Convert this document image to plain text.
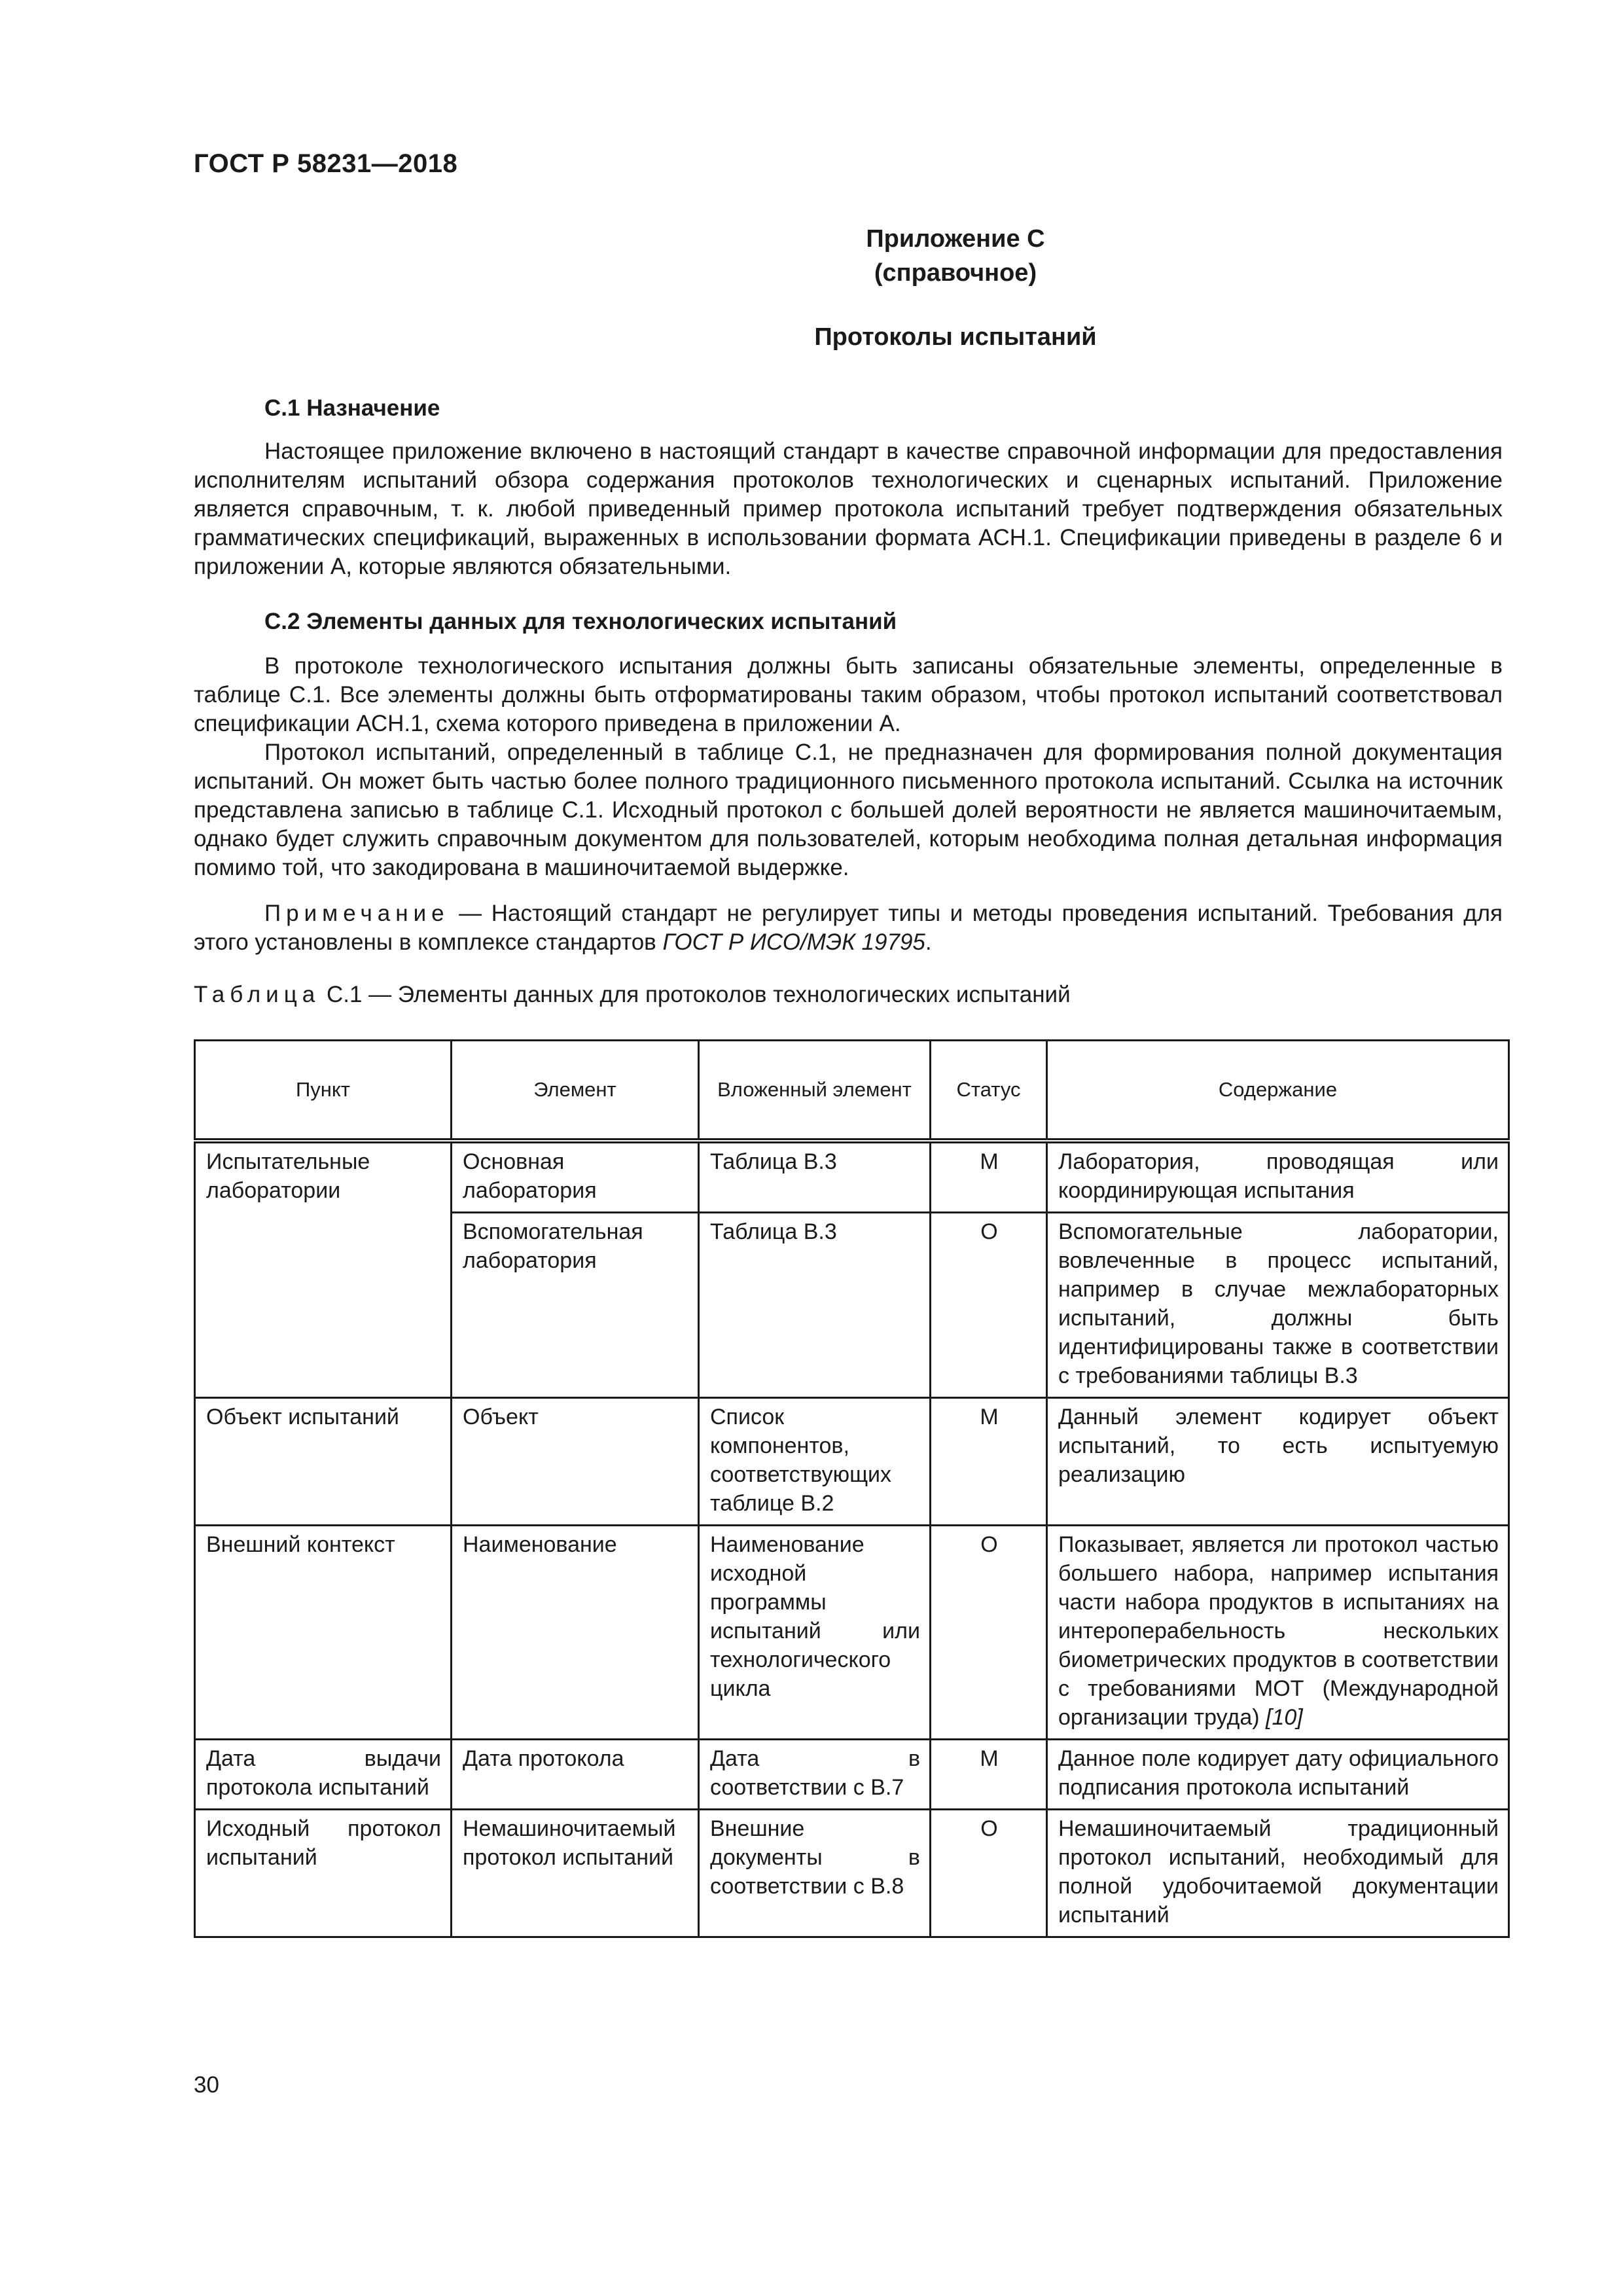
ГОСТ Р 58231—2018
Приложение С
(справочное)
Протоколы испытаний
С.1 Назначение
Настоящее приложение включено в настоящий стандарт в качестве справочной информации для предоставления исполнителям испытаний обзора содержания протоколов технологических и сценарных испытаний. Приложение является справочным, т. к. любой приведенный пример протокола испытаний требует подтверждения обязательных грамматических спецификаций, выраженных в использовании формата АСН.1. Спецификации приведены в разделе 6 и приложении А, которые являются обязательными.
С.2 Элементы данных для технологических испытаний
В протоколе технологического испытания должны быть записаны обязательные элементы, определенные в таблице С.1. Все элементы должны быть отформатированы таким образом, чтобы протокол испытаний соответствовал спецификации АСН.1, схема которого приведена в приложении А.
Протокол испытаний, определенный в таблице С.1, не предназначен для формирования полной документация испытаний. Он может быть частью более полного традиционного письменного протокола испытаний. Ссылка на источник представлена записью в таблице С.1. Исходный протокол с большей долей вероятности не является машиночитаемым, однако будет служить справочным документом для пользователей, которым необходима полная детальная информация помимо той, что закодирована в машиночитаемой выдержке.
Примечание — Настоящий стандарт не регулирует типы и методы проведения испытаний. Требования для этого установлены в комплексе стандартов ГОСТ Р ИСО/МЭК 19795.
Таблица С.1 — Элементы данных для протоколов технологических испытаний
Пункт	Элемент	Вложенный элемент	Статус	Содержание
Испытательные лаборатории	Основная лаборатория	Таблица В.3	М	Лаборатория, проводящая или координирующая испытания
	Вспомогательная лаборатория	Таблица В.3	О	Вспомогательные лаборатории, вовлеченные в процесс испытаний, например в случае межлабораторных испытаний, должны быть идентифицированы также в соответствии с требованиями таблицы В.3
Объект испытаний	Объект	Список компонентов, соответствующих таблице В.2	М	Данный элемент кодирует объект испытаний, то есть испытуемую реализацию
Внешний контекст	Наименование	Наименование исходной программы испытаний или технологического цикла	О	Показывает, является ли протокол частью большего набора, например испытания части набора продуктов в испытаниях на интероперабельность нескольких биометрических продуктов в соответствии с требованиями МОТ (Международной организации труда) [10]
Дата выдачи протокола испытаний	Дата протокола	Дата в соответствии с В.7	М	Данное поле кодирует дату официального подписания протокола испытаний
Исходный протокол испытаний	Немашиночитаемый протокол испытаний	Внешние документы в соответствии с В.8	О	Немашиночитаемый традиционный протокол испытаний, необходимый для полной удобочитаемой документации испытаний
30
